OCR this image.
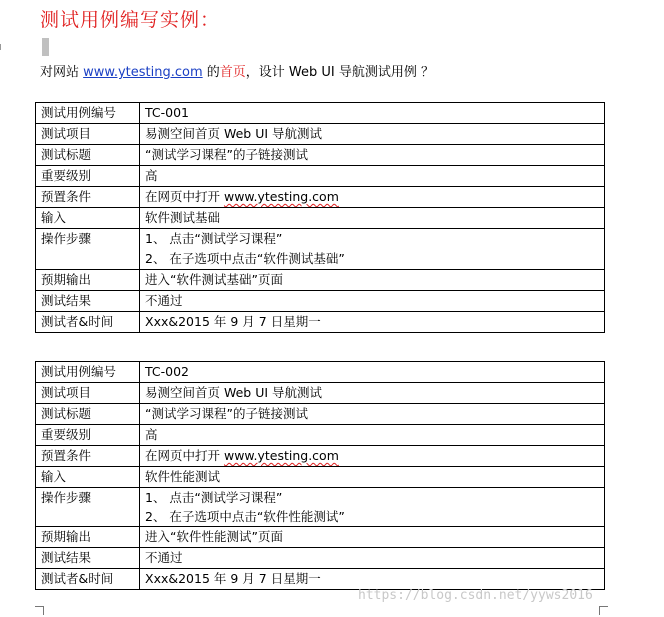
测试用例编写实例：
对网站 www.ytesting.com 的首页，设计 Web UI 导航测试用例 ？
测试用例编号	TC-001
测试项目	易测空间首页 Web UI 导航测试
测试标题	“测试学习课程”的子链接测试
重要级别	高
预置条件	在网页中打开 www.ytesting.com
输入	软件测试基础
操作步骤	1、 点击“测试学习课程”
2、 在子选项中点击“软件测试基础”

预期输出	进入“软件测试基础”页面
测试结果	不通过
测试者&时间	Xxx&2015 年 9 月 7 日星期一
测试用例编号	TC-002
测试项目	易测空间首页 Web UI 导航测试
测试标题	“测试学习课程”的子链接测试
重要级别	高
预置条件	在网页中打开 www.ytesting.com
输入	软件性能测试
操作步骤	1、 点击“测试学习课程”
2、 在子选项中点击“软件性能测试”

预期输出	进入“软件性能测试”页面
测试结果	不通过
测试者&时间	Xxx&2015 年 9 月 7 日星期一
https://blog.csdn.net/yyws2016
